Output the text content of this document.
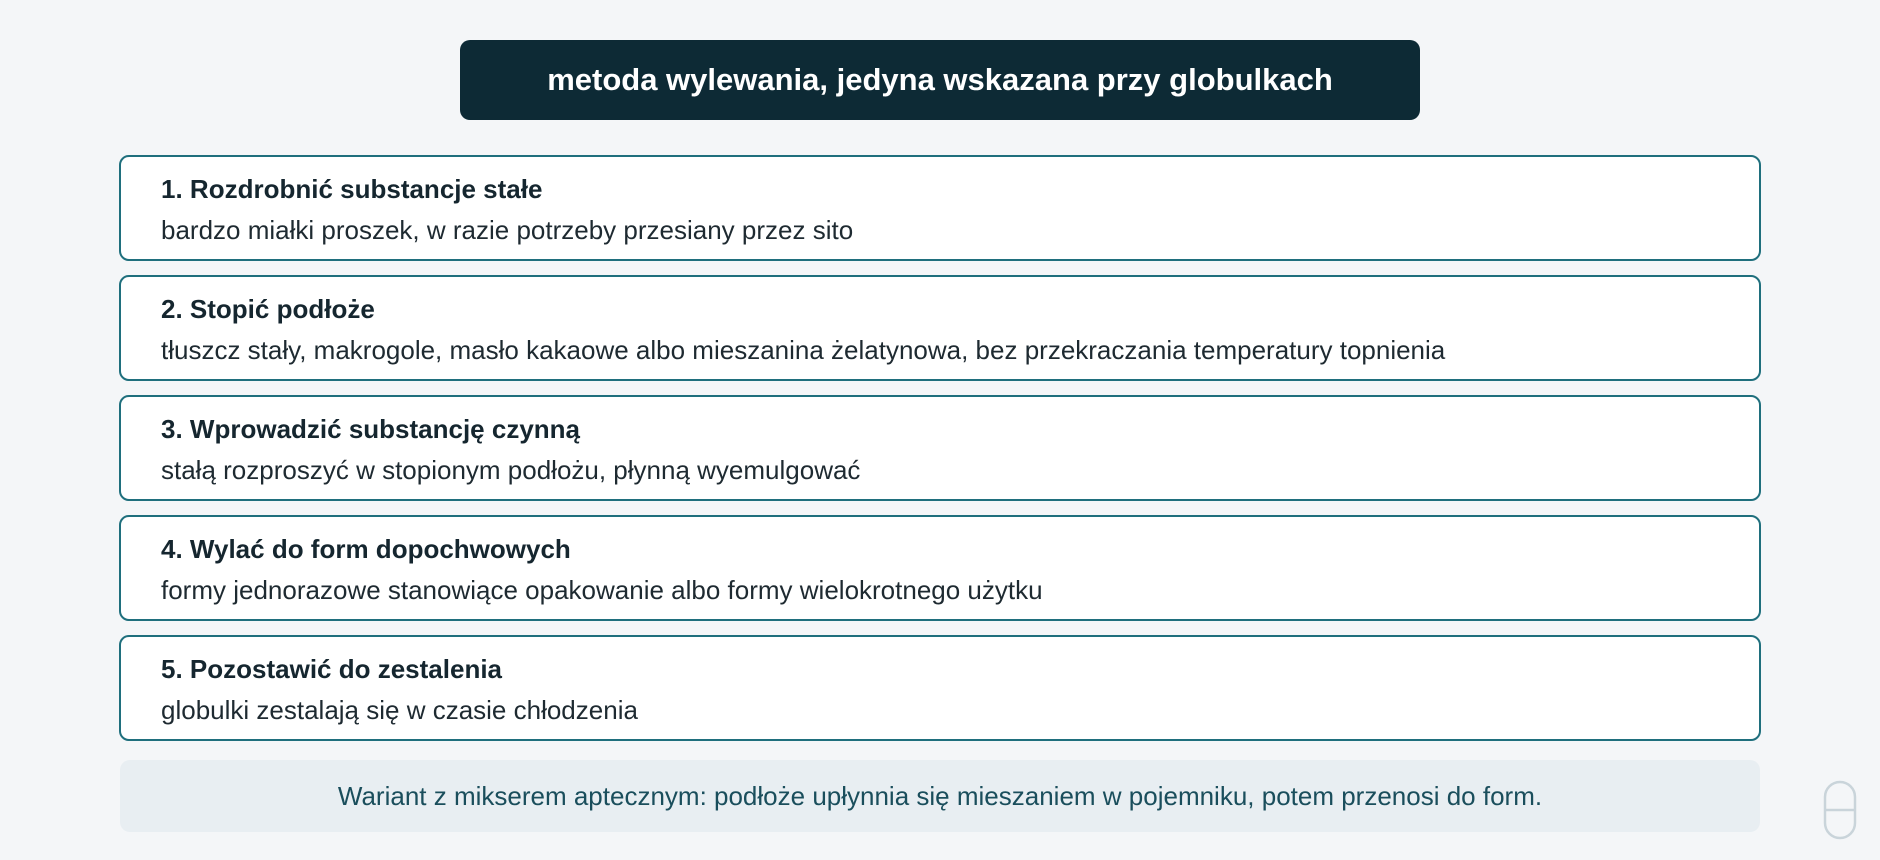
metoda wylewania, jedyna wskazana przy globulkach
1. Rozdrobnić substancje stałe
bardzo miałki proszek, w razie potrzeby przesiany przez sito
2. Stopić podłoże
tłuszcz stały, makrogole, masło kakaowe albo mieszanina żelatynowa, bez przekraczania temperatury topnienia
3. Wprowadzić substancję czynną
stałą rozproszyć w stopionym podłożu, płynną wyemulgować
4. Wylać do form dopochwowych
formy jednorazowe stanowiące opakowanie albo formy wielokrotnego użytku
5. Pozostawić do zestalenia
globulki zestalają się w czasie chłodzenia
Wariant z mikserem aptecznym: podłoże upłynnia się mieszaniem w pojemniku, potem przenosi do form.
